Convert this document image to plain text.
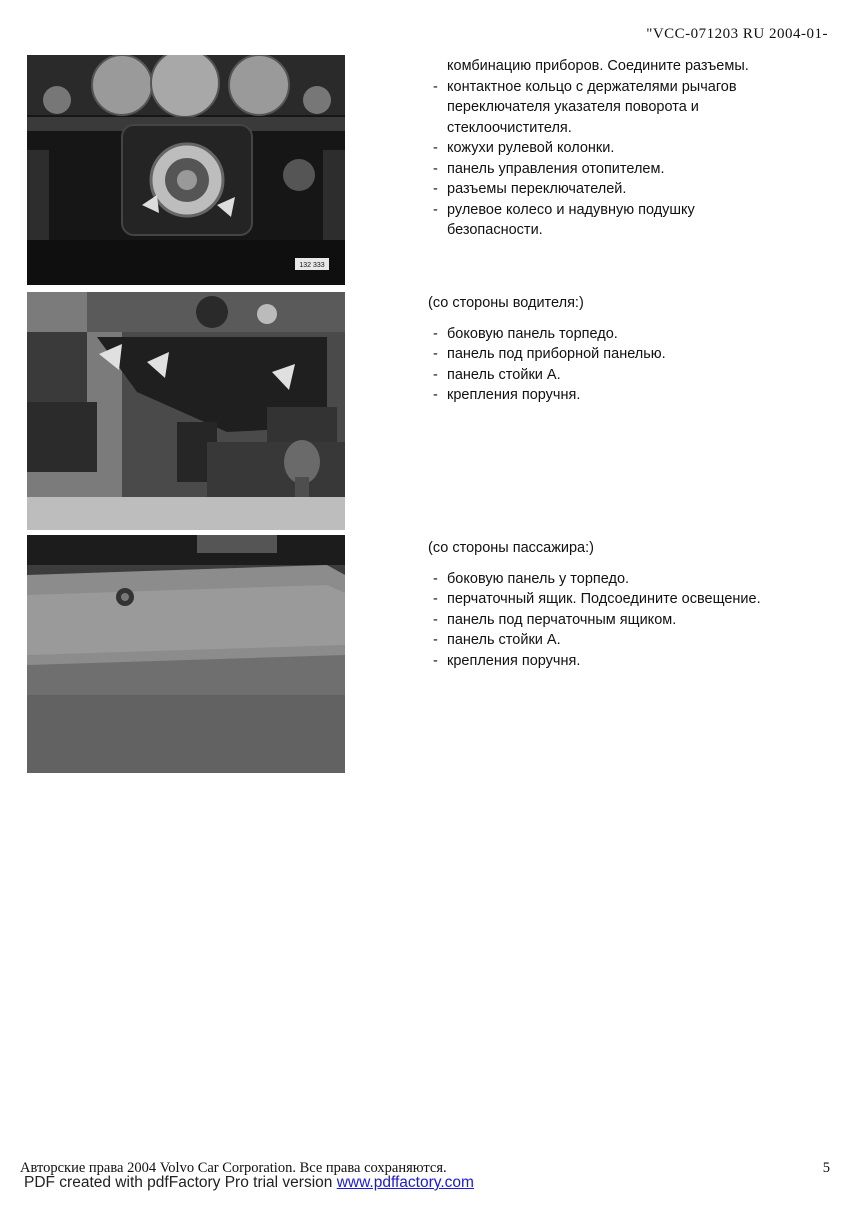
"VCC-071203 RU 2004-01-
132 333
комбинацию приборов. Соедините разъемы.
- контактное кольцо с держателями рычагов
переключателя указателя поворота и
стеклоочистителя.
- кожухи рулевой колонки.
- панель управления отопителем.
- разъемы переключателей.
- рулевое колесо и надувную подушку
безопасности.

(со стороны водителя:)

- боковую панель торпедо.
- панель под приборной панелью.
- панель стойки А.
- крепления поручня.

(со стороны пассажира:)

- боковую панель у торпедо.
- перчаточный ящик. Подсоедините освещение.
- панель под перчаточным ящиком.
- панель стойки А.
- крепления поручня.
Авторские права 2004 Volvo Car Corporation. Все права сохраняются.	5
PDF created with pdfFactory Pro trial version www.pdffactory.com
